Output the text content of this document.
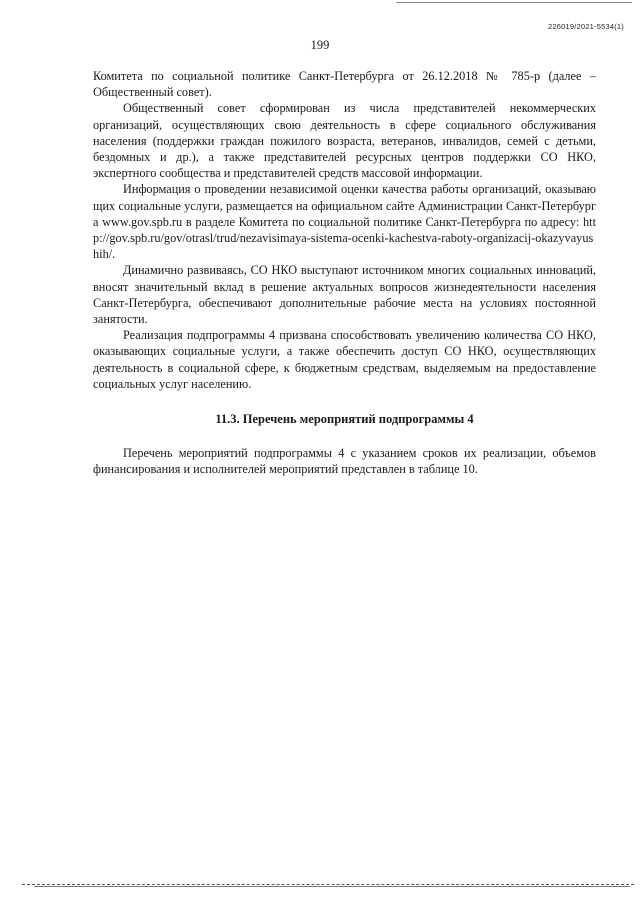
226019/2021-5534(1)
199

Комитета по социальной политике Санкт-Петербурга от 26.12.2018 № 785-р (далее – Общественный совет).

Общественный совет сформирован из числа представителей некоммерческих организаций, осуществляющих свою деятельность в сфере социального обслуживания населения (поддержки граждан пожилого возраста, ветеранов, инвалидов, семей с детьми, бездомных и др.), а также представителей ресурсных центров поддержки СО НКО, экспертного сообщества и представителей средств массовой информации.

Информация о проведении независимой оценки качества работы организаций, оказывающих социальные услуги, размещается на официальном сайте Администрации Санкт-Петербурга www.gov.spb.ru в разделе Комитета по социальной политике Санкт-Петербурга по адресу: http://gov.spb.ru/gov/otrasl/trud/nezavisimaya-sistema-ocenki-kachestva-raboty-organizacij-okazyvayushih/.

Динамично развиваясь, СО НКО выступают источником многих социальных инноваций, вносят значительный вклад в решение актуальных вопросов жизнедеятельности населения Санкт-Петербурга, обеспечивают дополнительные рабочие места на условиях постоянной занятости.

Реализация подпрограммы 4 призвана способствовать увеличению количества СО НКО, оказывающих социальные услуги, а также обеспечить доступ СО НКО, осуществляющих деятельность в социальной сфере, к бюджетным средствам, выделяемым на предоставление социальных услуг населению.

11.3. Перечень мероприятий подпрограммы 4

Перечень мероприятий подпрограммы 4 с указанием сроков их реализации, объемов финансирования и исполнителей мероприятий представлен в таблице 10.
